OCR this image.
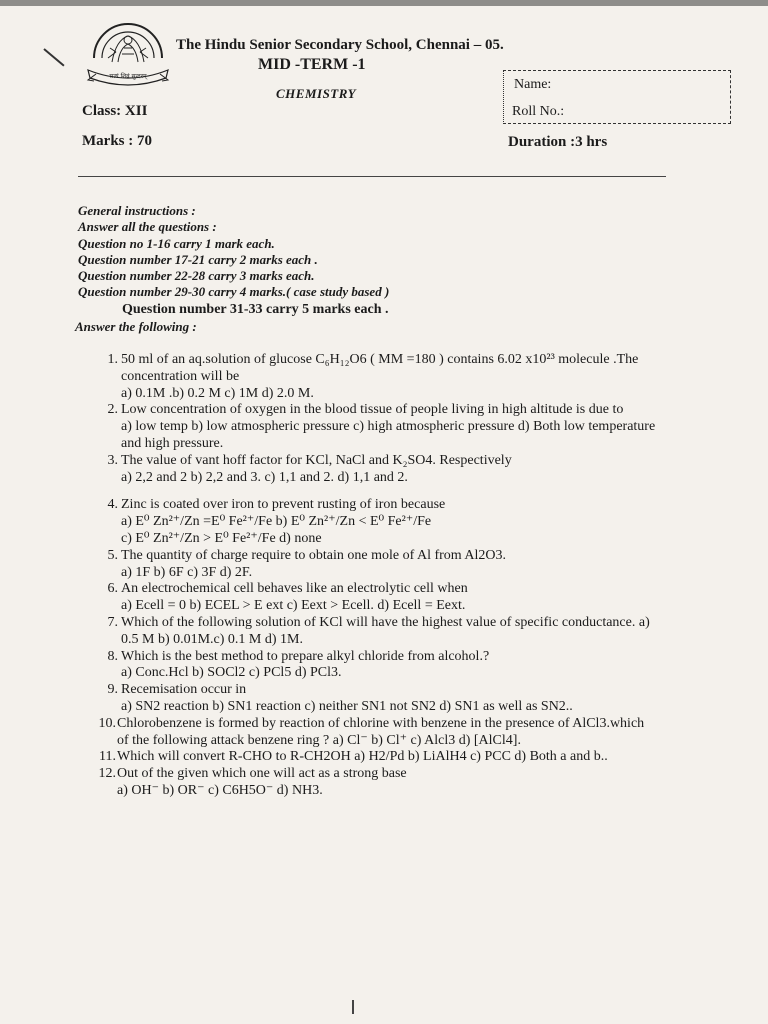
सत्यं शिवं सुन्दरम्
The Hindu Senior Secondary School, Chennai – 05.
MID -TERM -1
CHEMISTRY
Name:
Roll No.:
Class: XII
Marks : 70	Duration :3 hrs
General instructions :
Answer all the questions :
Question no 1-16 carry 1 mark each.
Question number 17-21 carry 2 marks each .
Question number 22-28 carry 3 marks each.
Question number 29-30 carry 4 marks.( case study based )
Question number 31-33 carry 5 marks each .
Answer the following :
1. 50 ml of an aq.solution of glucose C₆H₁₂O6 ( MM =180 ) contains 6.02 x10²³ molecule .The concentration will be
a) 0.1M .b) 0.2 M c) 1M d) 2.0 M.
2. Low concentration of oxygen in the blood tissue of people living in high altitude is due to
a) low temp b) low atmospheric pressure c) high atmospheric pressure d) Both low temperature and high pressure.
3. The value of vant hoff factor for KCl, NaCl and K₂SO4. Respectively
a) 2,2 and 2 b) 2,2 and 3. c) 1,1 and 2. d) 1,1 and 2.
4. Zinc is coated over iron to prevent rusting of iron because
a) E⁰ Zn²⁺/Zn =E⁰ Fe²⁺/Fe b) E⁰ Zn²⁺/Zn < E⁰ Fe²⁺/Fe
c) E⁰ Zn²⁺/Zn > E⁰ Fe²⁺/Fe d) none
5. The quantity of charge require to obtain one mole of Al from Al2O3.
a) 1F b) 6F c) 3F d) 2F.
6. An electrochemical cell behaves like an electrolytic cell when
a) Ecell = 0 b) ECEL > E ext c) Eext > Ecell. d) Ecell = Eext.
7. Which of the following solution of KCl will have the highest value of specific conductance. a) 0.5 M b) 0.01M.c) 0.1 M d) 1M.
8. Which is the best method to prepare alkyl chloride from alcohol.?
a) Conc.Hcl b) SOCl2 c) PCl5 d) PCl3.
9. Recemisation occur in
a) SN2 reaction b) SN1 reaction c) neither SN1 not SN2 d) SN1 as well as SN2..
10. Chlorobenzene is formed by reaction of chlorine with benzene in the presence of AlCl3.which of the following attack benzene ring ? a) Cl⁻ b) Cl⁺ c) Alcl3 d) [AlCl4].
11. Which will convert R-CHO to R-CH2OH a) H2/Pd b) LiAlH4 c) PCC d) Both a and b..
12. Out of the given which one will act as a strong base
a) OH⁻ b) OR⁻ c) C6H5O⁻ d) NH3.
